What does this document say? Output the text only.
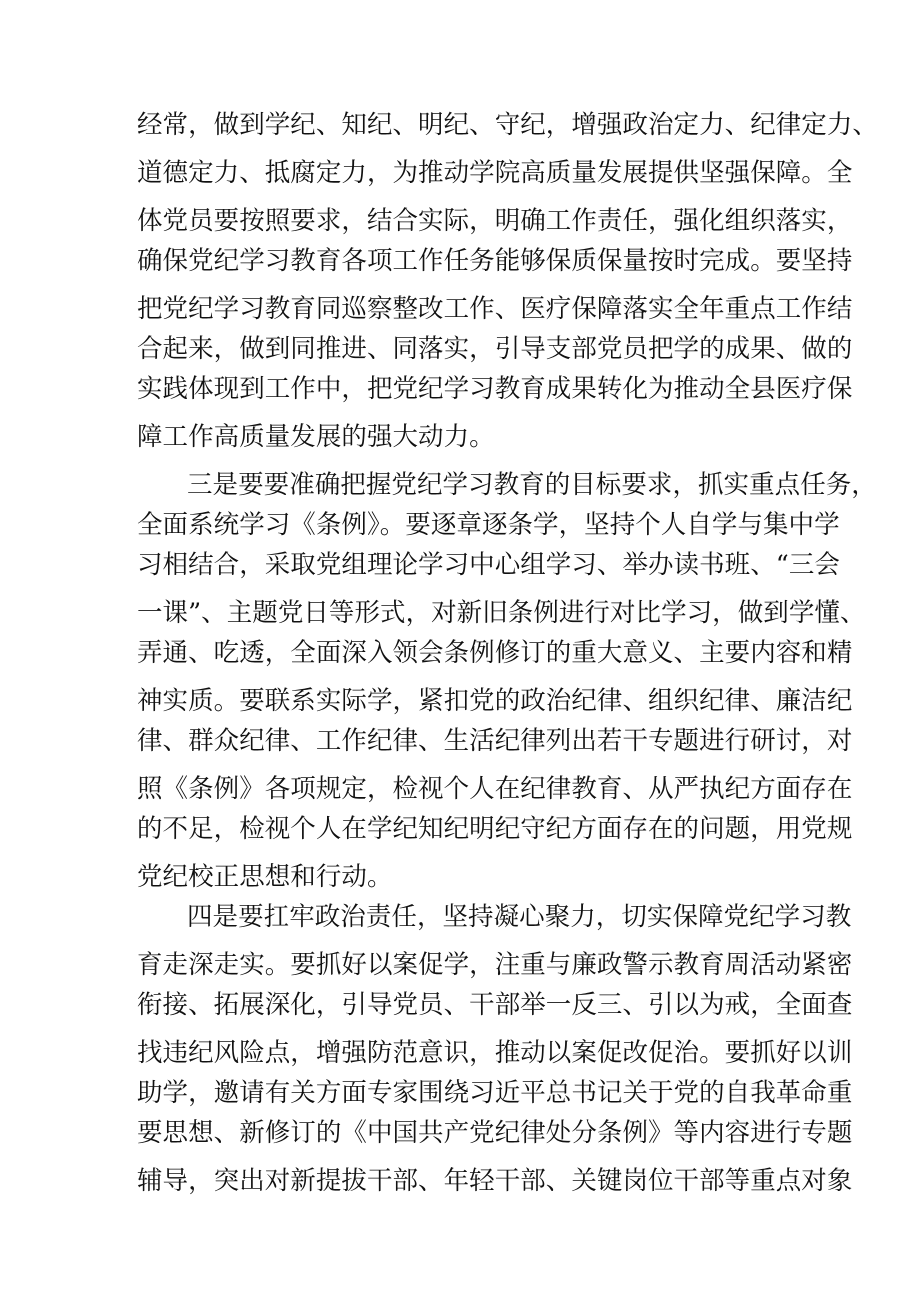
经常，做到学纪、知纪、明纪、守纪，增强政治定力、纪律定力、
道德定力、抵腐定力，为推动学院高质量发展提供坚强保障。全
体党员要按照要求，结合实际，明确工作责任，强化组织落实，
确保党纪学习教育各项工作任务能够保质保量按时完成。要坚持
把党纪学习教育同巡察整改工作、医疗保障落实全年重点工作结
合起来，做到同推进、同落实，引导支部党员把学的成果、做的
实践体现到工作中，把党纪学习教育成果转化为推动全县医疗保
障工作高质量发展的强大动力。
三是要要准确把握党纪学习教育的目标要求，抓实重点任务，
全面系统学习《条例》。要逐章逐条学，坚持个人自学与集中学
习相结合，采取党组理论学习中心组学习、举办读书班、“三会
一课”、主题党日等形式，对新旧条例进行对比学习，做到学懂、
弄通、吃透，全面深入领会条例修订的重大意义、主要内容和精
神实质。要联系实际学，紧扣党的政治纪律、组织纪律、廉洁纪
律、群众纪律、工作纪律、生活纪律列出若干专题进行研讨，对
照《条例》各项规定，检视个人在纪律教育、从严执纪方面存在
的不足，检视个人在学纪知纪明纪守纪方面存在的问题，用党规
党纪校正思想和行动。
四是要扛牢政治责任，坚持凝心聚力，切实保障党纪学习教
育走深走实。要抓好以案促学，注重与廉政警示教育周活动紧密
衔接、拓展深化，引导党员、干部举一反三、引以为戒，全面查
找违纪风险点，增强防范意识，推动以案促改促治。要抓好以训
助学，邀请有关方面专家围绕习近平总书记关于党的自我革命重
要思想、新修订的《中国共产党纪律处分条例》等内容进行专题
辅导，突出对新提拔干部、年轻干部、关键岗位干部等重点对象
